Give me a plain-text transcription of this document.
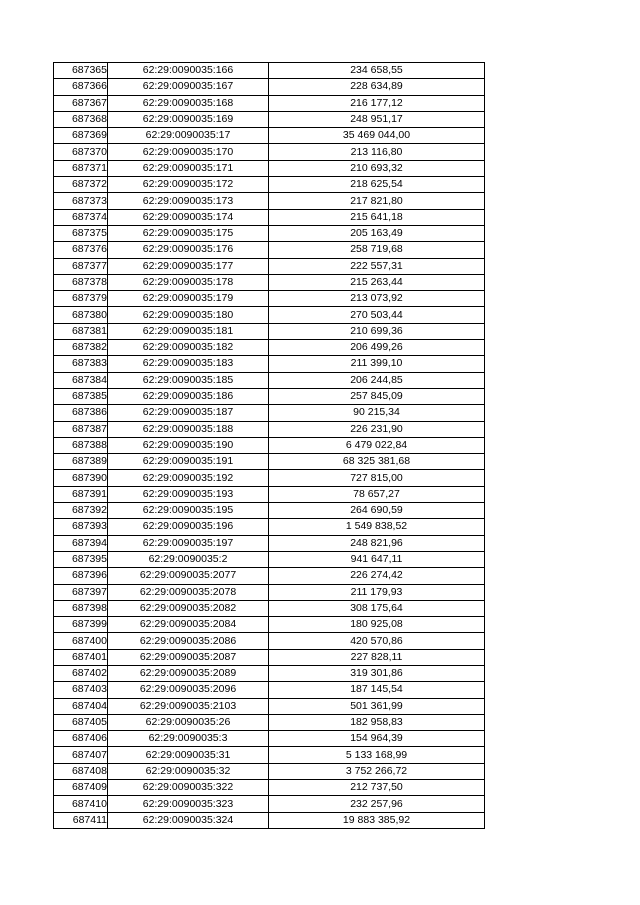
687365	62:29:0090035:166	234 658,55
687366	62:29:0090035:167	228 634,89
687367	62:29:0090035:168	216 177,12
687368	62:29:0090035:169	248 951,17
687369	62:29:0090035:17	35 469 044,00
687370	62:29:0090035:170	213 116,80
687371	62:29:0090035:171	210 693,32
687372	62:29:0090035:172	218 625,54
687373	62:29:0090035:173	217 821,80
687374	62:29:0090035:174	215 641,18
687375	62:29:0090035:175	205 163,49
687376	62:29:0090035:176	258 719,68
687377	62:29:0090035:177	222 557,31
687378	62:29:0090035:178	215 263,44
687379	62:29:0090035:179	213 073,92
687380	62:29:0090035:180	270 503,44
687381	62:29:0090035:181	210 699,36
687382	62:29:0090035:182	206 499,26
687383	62:29:0090035:183	211 399,10
687384	62:29:0090035:185	206 244,85
687385	62:29:0090035:186	257 845,09
687386	62:29:0090035:187	90 215,34
687387	62:29:0090035:188	226 231,90
687388	62:29:0090035:190	6 479 022,84
687389	62:29:0090035:191	68 325 381,68
687390	62:29:0090035:192	727 815,00
687391	62:29:0090035:193	78 657,27
687392	62:29:0090035:195	264 690,59
687393	62:29:0090035:196	1 549 838,52
687394	62:29:0090035:197	248 821,96
687395	62:29:0090035:2	941 647,11
687396	62:29:0090035:2077	226 274,42
687397	62:29:0090035:2078	211 179,93
687398	62:29:0090035:2082	308 175,64
687399	62:29:0090035:2084	180 925,08
687400	62:29:0090035:2086	420 570,86
687401	62:29:0090035:2087	227 828,11
687402	62:29:0090035:2089	319 301,86
687403	62:29:0090035:2096	187 145,54
687404	62:29:0090035:2103	501 361,99
687405	62:29:0090035:26	182 958,83
687406	62:29:0090035:3	154 964,39
687407	62:29:0090035:31	5 133 168,99
687408	62:29:0090035:32	3 752 266,72
687409	62:29:0090035:322	212 737,50
687410	62:29:0090035:323	232 257,96
687411	62:29:0090035:324	19 883 385,92
